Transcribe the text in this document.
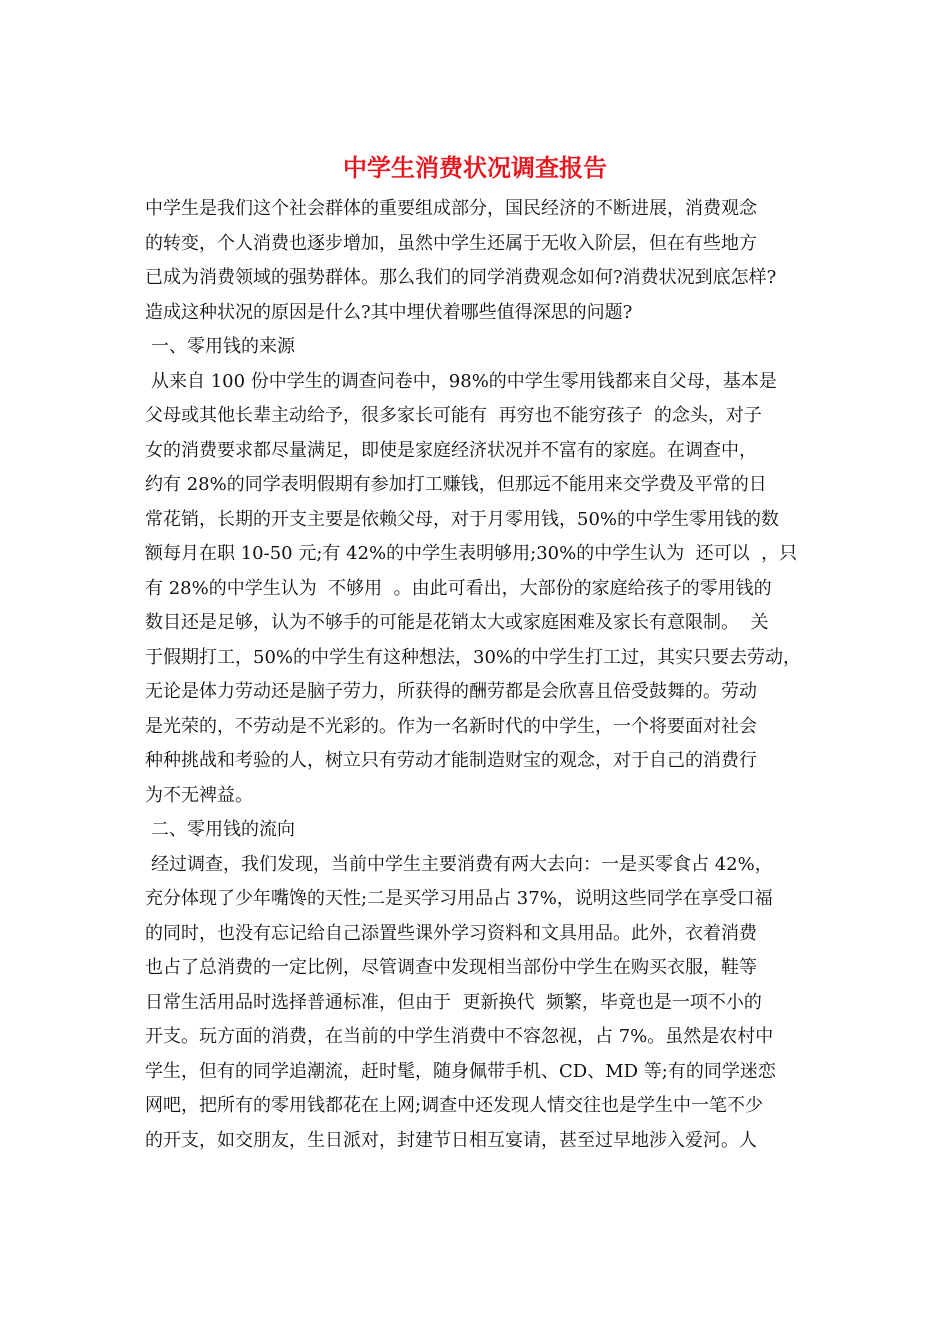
中学生消费状况调查报告
中学生是我们这个社会群体的重要组成部分，国民经济的不断进展，消费观念
的转变，个人消费也逐步增加，虽然中学生还属于无收入阶层，但在有些地方
已成为消费领域的强势群体。那么我们的同学消费观念如何?消费状况到底怎样?
造成这种状况的原因是什么?其中埋伏着哪些值得深思的问题?
一、零用钱的来源
从来自 100 份中学生的调查问卷中，98%的中学生零用钱都来自父母，基本是
父母或其他长辈主动给予，很多家长可能有  再穷也不能穷孩子  的念头，对子
女的消费要求都尽量满足，即使是家庭经济状况并不富有的家庭。在调查中，
约有 28%的同学表明假期有参加打工赚钱，但那远不能用来交学费及平常的日
常花销，长期的开支主要是依赖父母，对于月零用钱，50%的中学生零用钱的数
额每月在职 10-50 元;有 42%的中学生表明够用;30%的中学生认为  还可以  ，只
有 28%的中学生认为  不够用  。由此可看出，大部份的家庭给孩子的零用钱的
数目还是足够，认为不够手的可能是花销太大或家庭困难及家长有意限制。  关
于假期打工，50%的中学生有这种想法，30%的中学生打工过，其实只要去劳动，
无论是体力劳动还是脑子劳力，所获得的酬劳都是会欣喜且倍受鼓舞的。劳动
是光荣的，不劳动是不光彩的。作为一名新时代的中学生，一个将要面对社会
种种挑战和考验的人，树立只有劳动才能制造财宝的观念，对于自己的消费行
为不无裨益。
二、零用钱的流向
经过调查，我们发现，当前中学生主要消费有两大去向：一是买零食占 42%，
充分体现了少年嘴馋的天性;二是买学习用品占 37%，说明这些同学在享受口福
的同时，也没有忘记给自己添置些课外学习资料和文具用品。此外，衣着消费
也占了总消费的一定比例，尽管调查中发现相当部份中学生在购买衣服，鞋等
日常生活用品时选择普通标准，但由于  更新换代  频繁，毕竟也是一项不小的
开支。玩方面的消费，在当前的中学生消费中不容忽视，占 7%。虽然是农村中
学生，但有的同学追潮流，赶时髦，随身佩带手机、CD、MD 等;有的同学迷恋
网吧，把所有的零用钱都花在上网;调查中还发现人情交往也是学生中一笔不少
的开支，如交朋友，生日派对，封建节日相互宴请，甚至过早地涉入爱河。人
